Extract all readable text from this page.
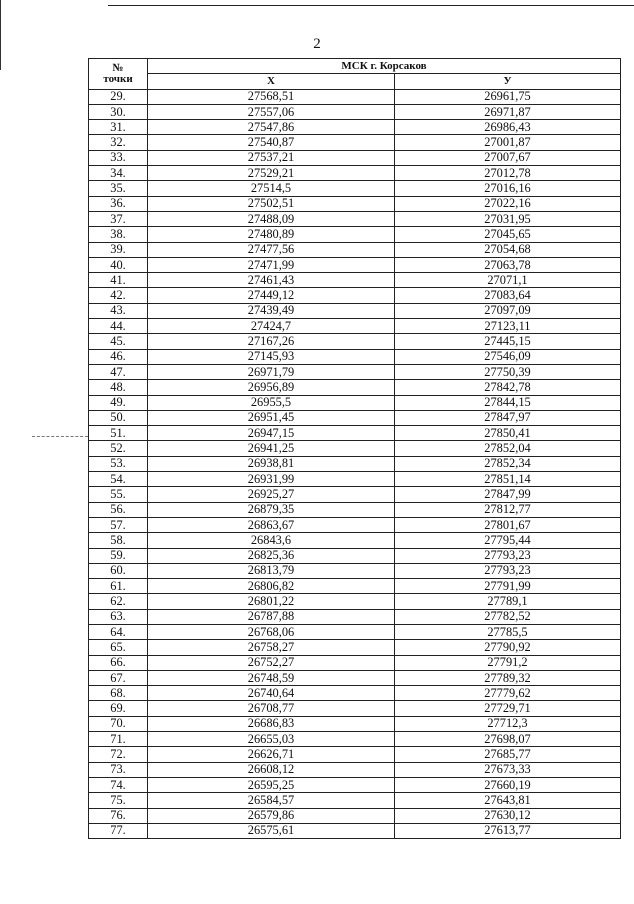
2
№
точки	МСК г. Корсаков	
	Х	У
29.	27568,51	26961,75
30.	27557,06	26971,87
31.	27547,86	26986,43
32.	27540,87	27001,87
33.	27537,21	27007,67
34.	27529,21	27012,78
35.	27514,5	27016,16
36.	27502,51	27022,16
37.	27488,09	27031,95
38.	27480,89	27045,65
39.	27477,56	27054,68
40.	27471,99	27063,78
41.	27461,43	27071,1
42.	27449,12	27083,64
43.	27439,49	27097,09
44.	27424,7	27123,11
45.	27167,26	27445,15
46.	27145,93	27546,09
47.	26971,79	27750,39
48.	26956,89	27842,78
49.	26955,5	27844,15
50.	26951,45	27847,97
51.	26947,15	27850,41
52.	26941,25	27852,04
53.	26938,81	27852,34
54.	26931,99	27851,14
55.	26925,27	27847,99
56.	26879,35	27812,77
57.	26863,67	27801,67
58.	26843,6	27795,44
59.	26825,36	27793,23
60.	26813,79	27793,23
61.	26806,82	27791,99
62.	26801,22	27789,1
63.	26787,88	27782,52
64.	26768,06	27785,5
65.	26758,27	27790,92
66.	26752,27	27791,2
67.	26748,59	27789,32
68.	26740,64	27779,62
69.	26708,77	27729,71
70.	26686,83	27712,3
71.	26655,03	27698,07
72.	26626,71	27685,77
73.	26608,12	27673,33
74.	26595,25	27660,19
75.	26584,57	27643,81
76.	26579,86	27630,12
77.	26575,61	27613,77
